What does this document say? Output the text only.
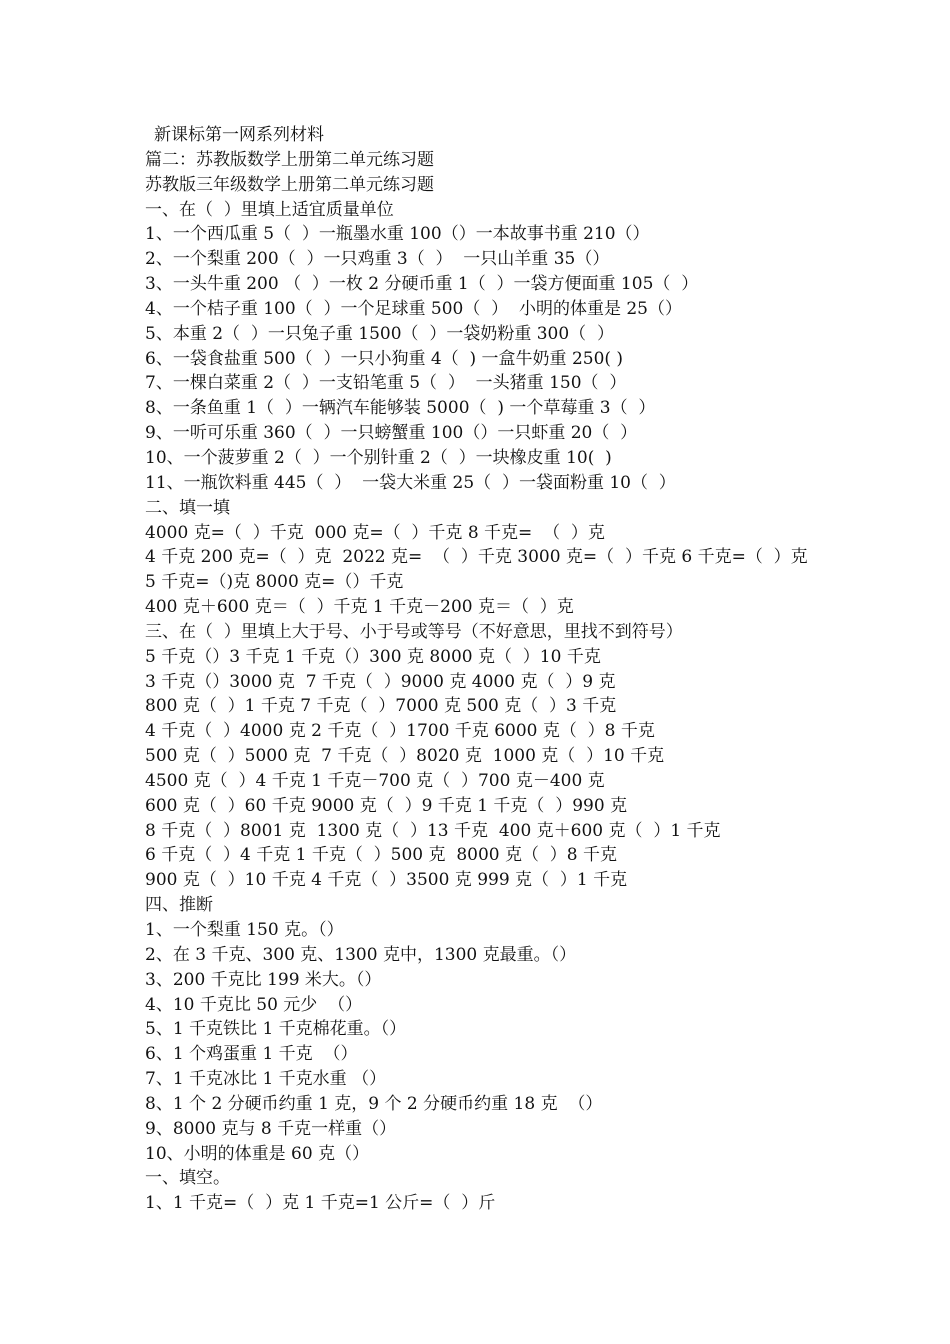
新课标第一网系列材料
篇二：苏教版数学上册第二单元练习题
苏教版三年级数学上册第二单元练习题
一、在（  ）里填上适宜质量单位
1、一个西瓜重 5（  ）一瓶墨水重 100（）一本故事书重 210（）
2、一个梨重 200（  ）一只鸡重 3（  ）  一只山羊重 35（）
3、一头牛重 200 （  ）一枚 2 分硬币重 1（  ）一袋方便面重 105（  ）
4、一个桔子重 100（  ）一个足球重 500（  ）  小明的体重是 25（）
5、本重 2（  ）一只兔子重 1500（  ）一袋奶粉重 300（  ）
6、一袋食盐重 500（  ）一只小狗重 4（  ) 一盒牛奶重 250( )
7、一棵白菜重 2（  ）一支铅笔重 5（  ）  一头猪重 150（  ）
8、一条鱼重 1（  ）一辆汽车能够装 5000（  ) 一个草莓重 3（  ）
9、一听可乐重 360（  ）一只螃蟹重 100（）一只虾重 20（  ）
10、一个菠萝重 2（  ）一个别针重 2（  ）一块橡皮重 10(  )
11、一瓶饮料重 445（  ）  一袋大米重 25（  ）一袋面粉重 10（  ）
二、填一填
4000 克=（  ）千克  000 克=（  ）千克 8 千克=  （  ）克
4 千克 200 克=（  ）克  2022 克=  （  ）千克 3000 克=（  ）千克 6 千克=（  ）克
5 千克=（)克 8000 克=（）千克
400 克＋600 克＝（  ）千克 1 千克－200 克＝（  ）克
三、在（  ）里填上大于号、小于号或等号（不好意思，里找不到符号）
5 千克（）3 千克 1 千克（）300 克 8000 克（  ）10 千克
3 千克（）3000 克  7 千克（  ）9000 克 4000 克（  ）9 克
800 克（  ）1 千克 7 千克（  ）7000 克 500 克（  ）3 千克
4 千克（  ）4000 克 2 千克（  ）1700 千克 6000 克（  ）8 千克
500 克（  ）5000 克  7 千克（  ）8020 克  1000 克（  ）10 千克
4500 克（  ）4 千克 1 千克－700 克（  ）700 克－400 克
600 克（  ）60 千克 9000 克（  ）9 千克 1 千克（  ）990 克
8 千克（  ）8001 克  1300 克（  ）13 千克  400 克＋600 克（  ）1 千克
6 千克（  ）4 千克 1 千克（  ）500 克  8000 克（  ）8 千克
900 克（  ）10 千克 4 千克（  ）3500 克 999 克（  ）1 千克
四、推断
1、一个梨重 150 克。（）
2、在 3 千克、300 克、1300 克中，1300 克最重。（）
3、200 千克比 199 米大。（）
4、10 千克比 50 元少  （）
5、1 千克铁比 1 千克棉花重。（）
6、1 个鸡蛋重 1 千克  （）
7、1 千克冰比 1 千克水重 （）
8、1 个 2 分硬币约重 1 克，9 个 2 分硬币约重 18 克  （）
9、8000 克与 8 千克一样重（）
10、小明的体重是 60 克（）
一、填空。
1、1 千克=（  ）克 1 千克=1 公斤=（  ）斤
